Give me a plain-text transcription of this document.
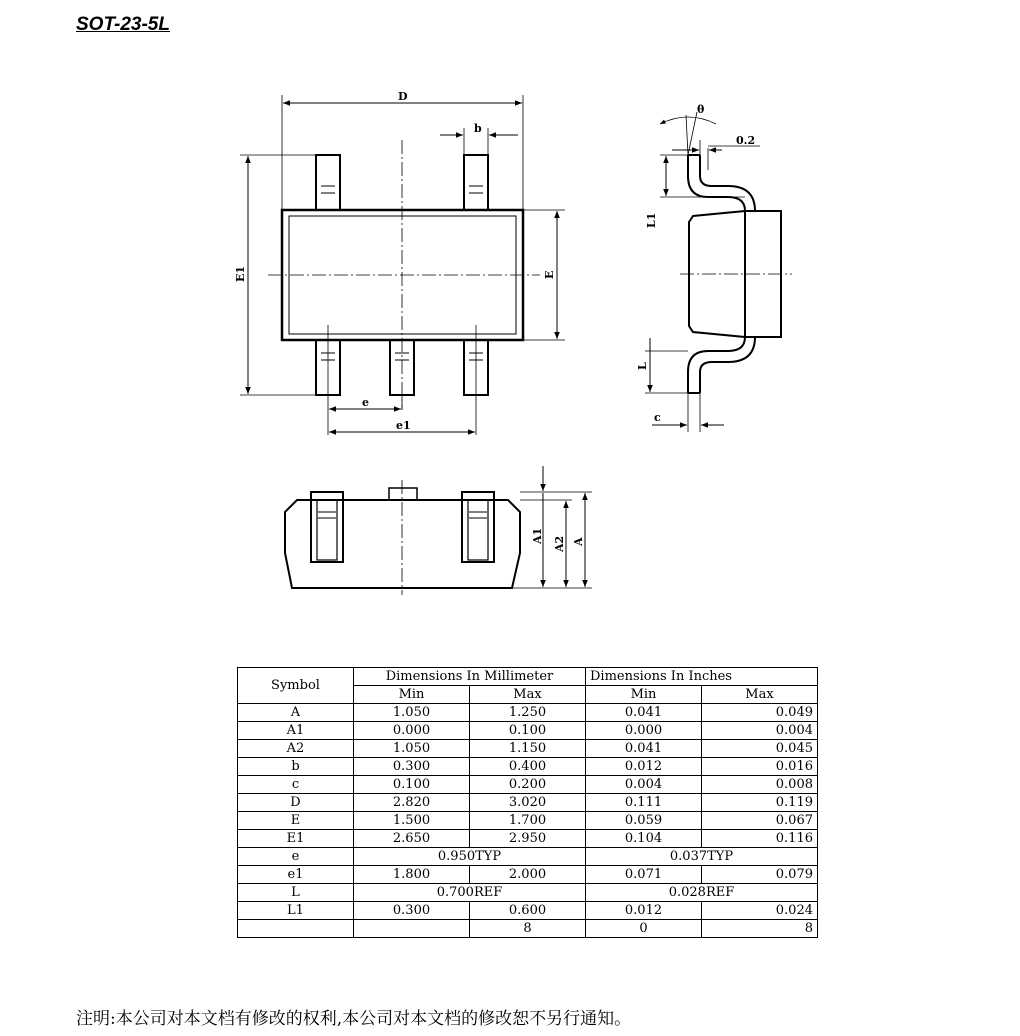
SOT-23-5L
D
b
E1	E
e
e1
θ
0.2
L1
L
c
A1 A2 A
Symbol	Dimensions In Millimeter		Dimensions In Inches	
	Min	Max	Min	Max
A	1.050	1.250	0.041	0.049
A1	0.000	0.100	0.000	0.004
A2	1.050	1.150	0.041	0.045
b	0.300	0.400	0.012	0.016
c	0.100	0.200	0.004	0.008
D	2.820	3.020	0.111	0.119
E	1.500	1.700	0.059	0.067
E1	2.650	2.950	0.104	0.116
e	0.950TYP		0.037TYP	
e1	1.800	2.000	0.071	0.079
L	0.700REF		0.028REF	
L1	0.300	0.600	0.012	0.024
		8	0	8
注明:本公司对本文档有修改的权利,本公司对本文档的修改恕不另行通知。
